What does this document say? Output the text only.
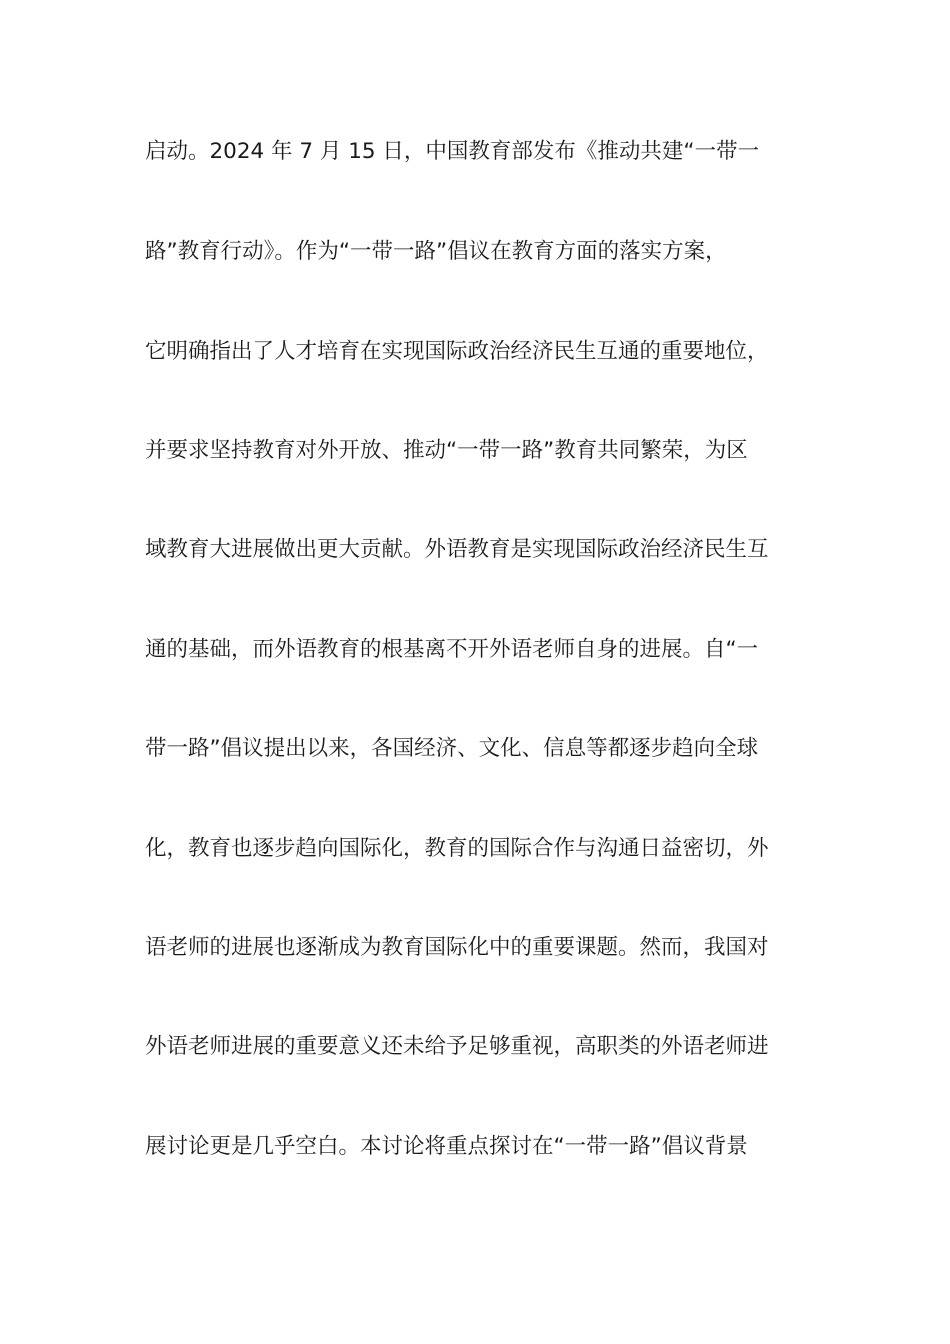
启动。2024 年 7 月 15 日，中国教育部发布《推动共建“一带一
路”教育行动》。作为“一带一路”倡议在教育方面的落实方案，
它明确指出了人才培育在实现国际政治经济民生互通的重要地位，
并要求坚持教育对外开放、推动“一带一路”教育共同繁荣，为区
域教育大进展做出更大贡献。外语教育是实现国际政治经济民生互
通的基础，而外语教育的根基离不开外语老师自身的进展。自“一
带一路”倡议提出以来，各国经济、文化、信息等都逐步趋向全球
化，教育也逐步趋向国际化，教育的国际合作与沟通日益密切，外
语老师的进展也逐渐成为教育国际化中的重要课题。然而，我国对
外语老师进展的重要意义还未给予足够重视，高职类的外语老师进
展讨论更是几乎空白。本讨论将重点探讨在“一带一路”倡议背景
